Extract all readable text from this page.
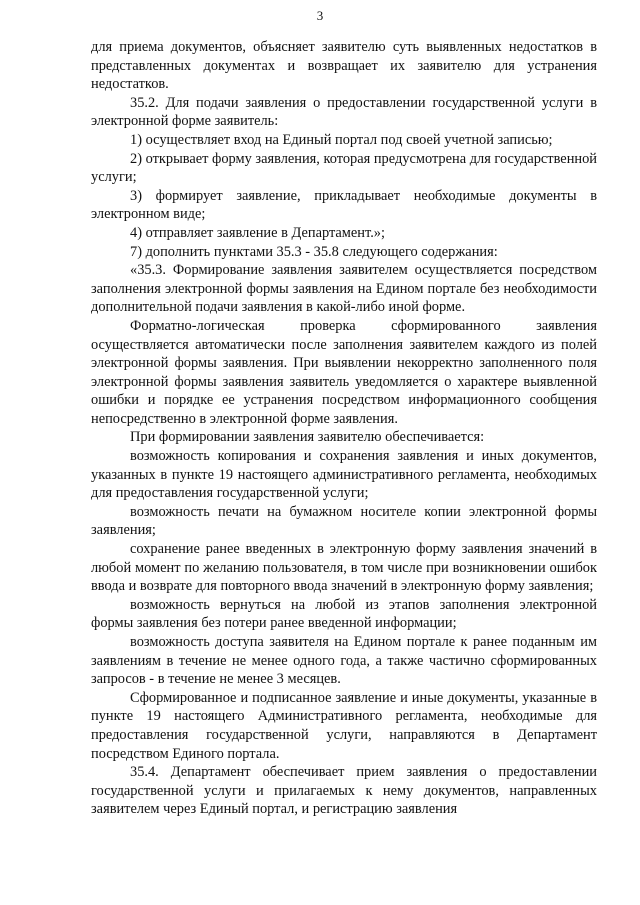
3

для приема документов, объясняет заявителю суть выявленных недостатков в представленных документах и возвращает их заявителю для устранения недостатков.

35.2. Для подачи заявления о предоставлении государственной услуги в электронной форме заявитель:

1) осуществляет вход на Единый портал под своей учетной записью;

2) открывает форму заявления, которая предусмотрена для государственной услуги;

3) формирует заявление, прикладывает необходимые документы в электронном виде;

4) отправляет заявление в Департамент.»;

7) дополнить пунктами 35.3 - 35.8 следующего содержания:

«35.3. Формирование заявления заявителем осуществляется посредством заполнения электронной формы заявления на Едином портале без необходимости дополнительной подачи заявления в какой-либо иной форме.

Форматно-логическая проверка сформированного заявления осуществляется автоматически после заполнения заявителем каждого из полей электронной формы заявления. При выявлении некорректно заполненного поля электронной формы заявления заявитель уведомляется о характере выявленной ошибки и порядке ее устранения посредством информационного сообщения непосредственно в электронной форме заявления.

При формировании заявления заявителю обеспечивается:

возможность копирования и сохранения заявления и иных документов, указанных в пункте 19 настоящего административного регламента, необходимых для предоставления государственной услуги;

возможность печати на бумажном носителе копии электронной формы заявления;

сохранение ранее введенных в электронную форму заявления значений в любой момент по желанию пользователя, в том числе при возникновении ошибок ввода и возврате для повторного ввода значений в электронную форму заявления;

возможность вернуться на любой из этапов заполнения электронной формы заявления без потери ранее введенной информации;

возможность доступа заявителя на Едином портале к ранее поданным им заявлениям в течение не менее одного года, а также частично сформированных запросов - в течение не менее 3 месяцев.

Сформированное и подписанное заявление и иные документы, указанные в пункте 19 настоящего Административного регламента, необходимые для предоставления государственной услуги, направляются в Департамент посредством Единого портала.

35.4. Департамент обеспечивает прием заявления о предоставлении государственной услуги и прилагаемых к нему документов, направленных заявителем через Единый портал, и регистрацию заявления
